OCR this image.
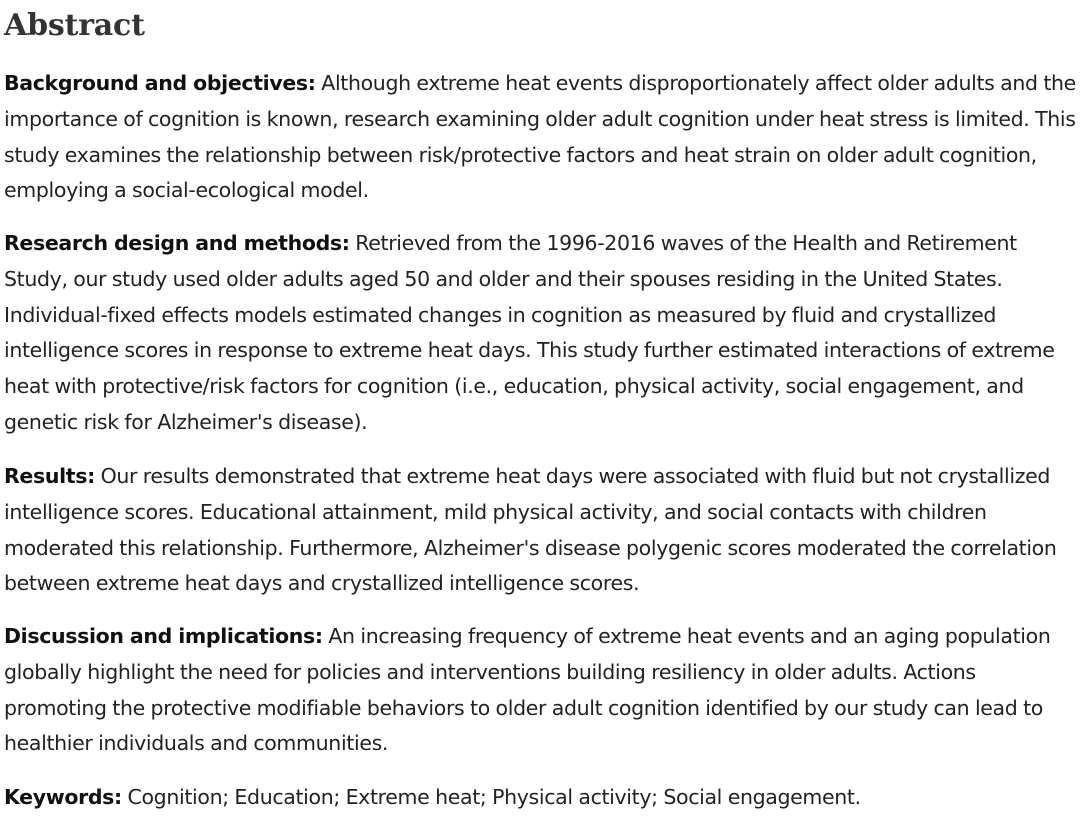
Abstract

Background and objectives: Although extreme heat events disproportionately affect older adults and the importance of cognition is known, research examining older adult cognition under heat stress is limited. This study examines the relationship between risk/protective factors and heat strain on older adult cognition, employing a social-ecological model.

Research design and methods: Retrieved from the 1996-2016 waves of the Health and Retirement Study, our study used older adults aged 50 and older and their spouses residing in the United States. Individual-fixed effects models estimated changes in cognition as measured by fluid and crystallized intelligence scores in response to extreme heat days. This study further estimated interactions of extreme heat with protective/risk factors for cognition (i.e., education, physical activity, social engagement, and genetic risk for Alzheimer's disease).

Results: Our results demonstrated that extreme heat days were associated with fluid but not crystallized intelligence scores. Educational attainment, mild physical activity, and social contacts with children moderated this relationship. Furthermore, Alzheimer's disease polygenic scores moderated the correlation between extreme heat days and crystallized intelligence scores.

Discussion and implications: An increasing frequency of extreme heat events and an aging population globally highlight the need for policies and interventions building resiliency in older adults. Actions promoting the protective modifiable behaviors to older adult cognition identified by our study can lead to healthier individuals and communities.

Keywords: Cognition; Education; Extreme heat; Physical activity; Social engagement.
